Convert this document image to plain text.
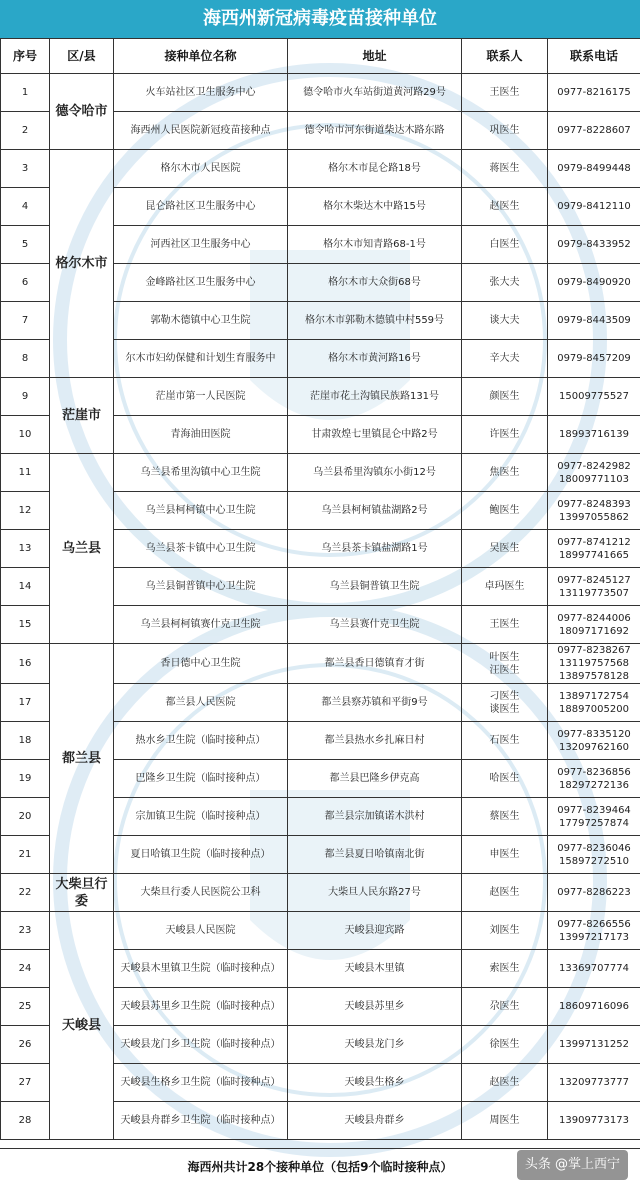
海西州新冠病毒疫苗接种单位
序号	区/县	接种单位名称	地址	联系人	联系电话
1	德令哈市	火车站社区卫生服务中心	德令哈市火车站街道黄河路29号	王医生	0977-8216175
2		海西州人民医院新冠疫苗接种点	德令哈市河东街道柴达木路东路	巩医生	0977-8228607
3	格尔木市	格尔木市人民医院	格尔木市昆仑路18号	蒋医生	0979-8499448
4		昆仑路社区卫生服务中心	格尔木柴达木中路15号	赵医生	0979-8412110
5		河西社区卫生服务中心	格尔木市知青路68-1号	白医生	0979-8433952
6		金峰路社区卫生服务中心	格尔木市大众街68号	张大夫	0979-8490920
7		郭勒木德镇中心卫生院	格尔木市郭勒木德镇中村559号	谈大夫	0979-8443509
8		尔木市妇幼保健和计划生育服务中	格尔木市黄河路16号	辛大夫	0979-8457209
9	茫崖市	茫崖市第一人民医院	茫崖市花土沟镇民族路131号	颜医生	15009775527
10		青海油田医院	甘肃敦煌七里镇昆仑中路2号	许医生	18993716139
11	乌兰县	乌兰县希里沟镇中心卫生院	乌兰县希里沟镇东小街12号	焦医生	0977-8242982
18009771103
12		乌兰县柯柯镇中心卫生院	乌兰县柯柯镇盐湖路2号	鲍医生	0977-8248393
13997055862
13		乌兰县茶卡镇中心卫生院	乌兰县茶卡镇盐湖路1号	吴医生	0977-8741212
18997741665
14		乌兰县铜普镇中心卫生院	乌兰县铜普镇卫生院	卓玛医生	0977-8245127
13119773507
15		乌兰县柯柯镇赛什克卫生院	乌兰县赛什克卫生院	王医生	0977-8244006
18097171692
16	都兰县	香日德中心卫生院	都兰县香日德镇育才街	叶医生
汪医生	0977-8238267
13119757568
13897578128
17		都兰县人民医院	都兰县察苏镇和平街9号	刁医生
谈医生	13897172754
18897005200
18		热水乡卫生院（临时接种点）	都兰县热水乡扎麻日村	石医生	0977-8335120
13209762160
19		巴隆乡卫生院（临时接种点）	都兰县巴隆乡伊克高	哈医生	0977-8236856
18297272136
20		宗加镇卫生院（临时接种点）	都兰县宗加镇诺木洪村	蔡医生	0977-8239464
17797257874
21		夏日哈镇卫生院（临时接种点）	都兰县夏日哈镇南北街	申医生	0977-8236046
15897272510
22	大柴旦行委	大柴旦行委人民医院公卫科	大柴旦人民东路27号	赵医生	0977-8286223
23	天峻县	天峻县人民医院	天峻县迎宾路	刘医生	0977-8266556
13997217173
24		天峻县木里镇卫生院（临时接种点）	天峻县木里镇	索医生	13369707774
25		天峻县苏里乡卫生院（临时接种点）	天峻县苏里乡	尕医生	18609716096
26		天峻县龙门乡卫生院（临时接种点）	天峻县龙门乡	徐医生	13997131252
27		天峻县生格乡卫生院（临时接种点）	天峻县生格乡	赵医生	13209773777
28		天峻县舟群乡卫生院（临时接种点）	天峻县舟群乡	周医生	13909773173
海西州共计28个接种单位（包括9个临时接种点）	头条 @掌上西宁
